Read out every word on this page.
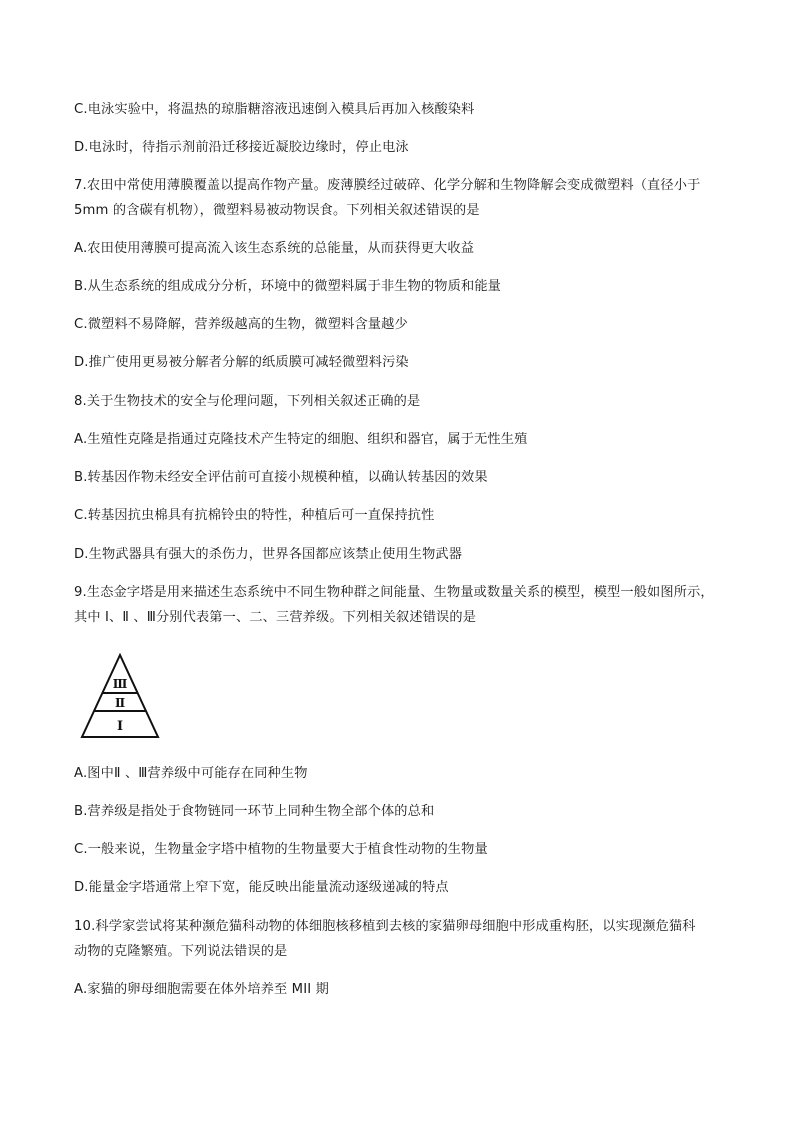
C.电泳实验中，将温热的琼脂糖溶液迅速倒入模具后再加入核酸染料
D.电泳时，待指示剂前沿迁移接近凝胶边缘时，停止电泳
7.农田中常使用薄膜覆盖以提高作物产量。废薄膜经过破碎、化学分解和生物降解会变成微塑料（直径小于
5mm 的含碳有机物），微塑料易被动物误食。下列相关叙述错误的是
A.农田使用薄膜可提高流入该生态系统的总能量，从而获得更大收益
B.从生态系统的组成成分分析，环境中的微塑料属于非生物的物质和能量
C.微塑料不易降解，营养级越高的生物，微塑料含量越少
D.推广使用更易被分解者分解的纸质膜可减轻微塑料污染
8.关于生物技术的安全与伦理问题，下列相关叙述正确的是
A.生殖性克隆是指通过克隆技术产生特定的细胞、组织和器官，属于无性生殖
B.转基因作物未经安全评估前可直接小规模种植，以确认转基因的效果
C.转基因抗虫棉具有抗棉铃虫的特性，种植后可一直保持抗性
D.生物武器具有强大的杀伤力，世界各国都应该禁止使用生物武器
9.生态金字塔是用来描述生态系统中不同生物种群之间能量、生物量或数量关系的模型，模型一般如图所示，
其中 Ⅰ、Ⅱ 、Ⅲ分别代表第一、二、三营养级。下列相关叙述错误的是
Ⅲ
Ⅱ
Ⅰ
A.图中Ⅱ 、Ⅲ营养级中可能存在同种生物
B.营养级是指处于食物链同一环节上同种生物全部个体的总和
C.一般来说，生物量金字塔中植物的生物量要大于植食性动物的生物量
D.能量金字塔通常上窄下宽，能反映出能量流动逐级递减的特点
10.科学家尝试将某种濒危猫科动物的体细胞核移植到去核的家猫卵母细胞中形成重构胚，以实现濒危猫科
动物的克隆繁殖。下列说法错误的是
A.家猫的卵母细胞需要在体外培养至 MII 期
